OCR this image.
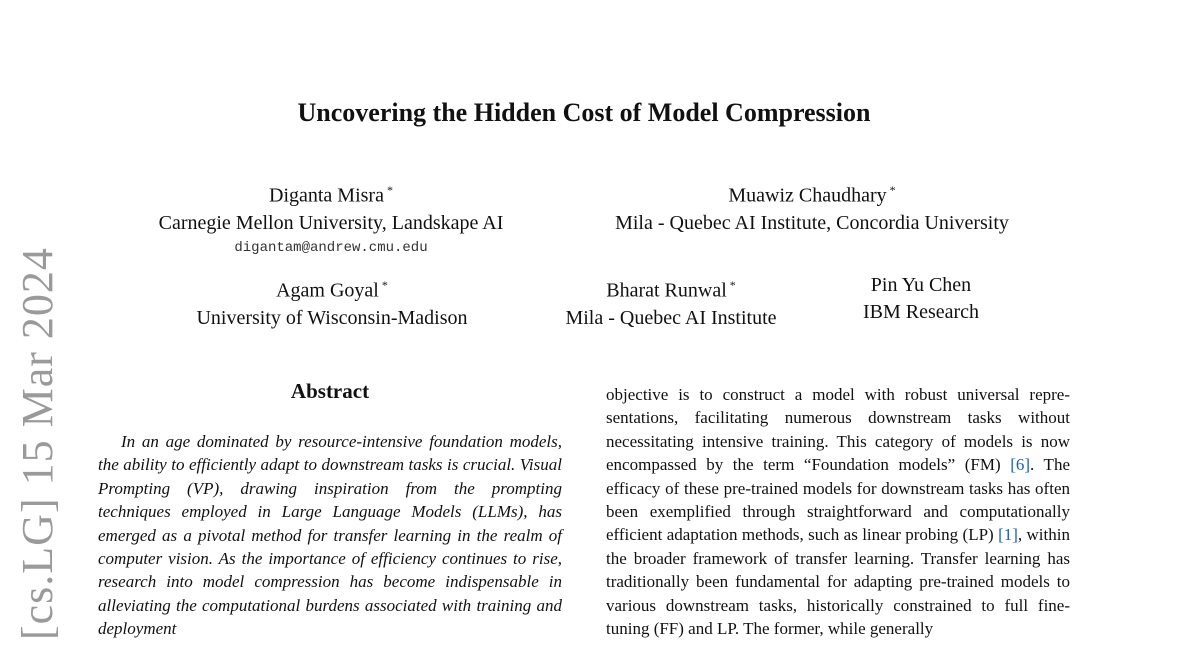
[cs.LG] 15 Mar 2024
Uncovering the Hidden Cost of Model Compression
Diganta Misra *
Carnegie Mellon University, Landskape AI
digantam@andrew.cmu.edu
Muawiz Chaudhary *
Mila - Quebec AI Institute, Concordia University
Agam Goyal *
University of Wisconsin-Madison
Bharat Runwal *
Mila - Quebec AI Institute
Pin Yu Chen
IBM Research
Abstract

In an age dominated by resource-intensive foundation models, the ability to efficiently adapt to downstream tasks is crucial. Visual Prompting (VP), drawing inspiration from the prompting techniques employed in Large Language Models (LLMs), has emerged as a pivotal method for transfer learning in the realm of computer vision. As the importance of efficiency continues to rise, research into model compression has become indispensable in alleviating the computational burdens associated with training and deployment

objective is to construct a model with robust universal representations, facilitating numerous downstream tasks without necessitating intensive training. This category of models is now encompassed by the term “Foundation models” (FM) [6]. The efficacy of these pre-trained models for downstream tasks has often been exemplified through straightforward and computationally efficient adaptation methods, such as linear probing (LP) [1], within the broader framework of transfer learning. Transfer learning has traditionally been fundamental for adapting pre-trained models to various downstream tasks, historically constrained to full fine-tuning (FF) and LP. The former, while generally
